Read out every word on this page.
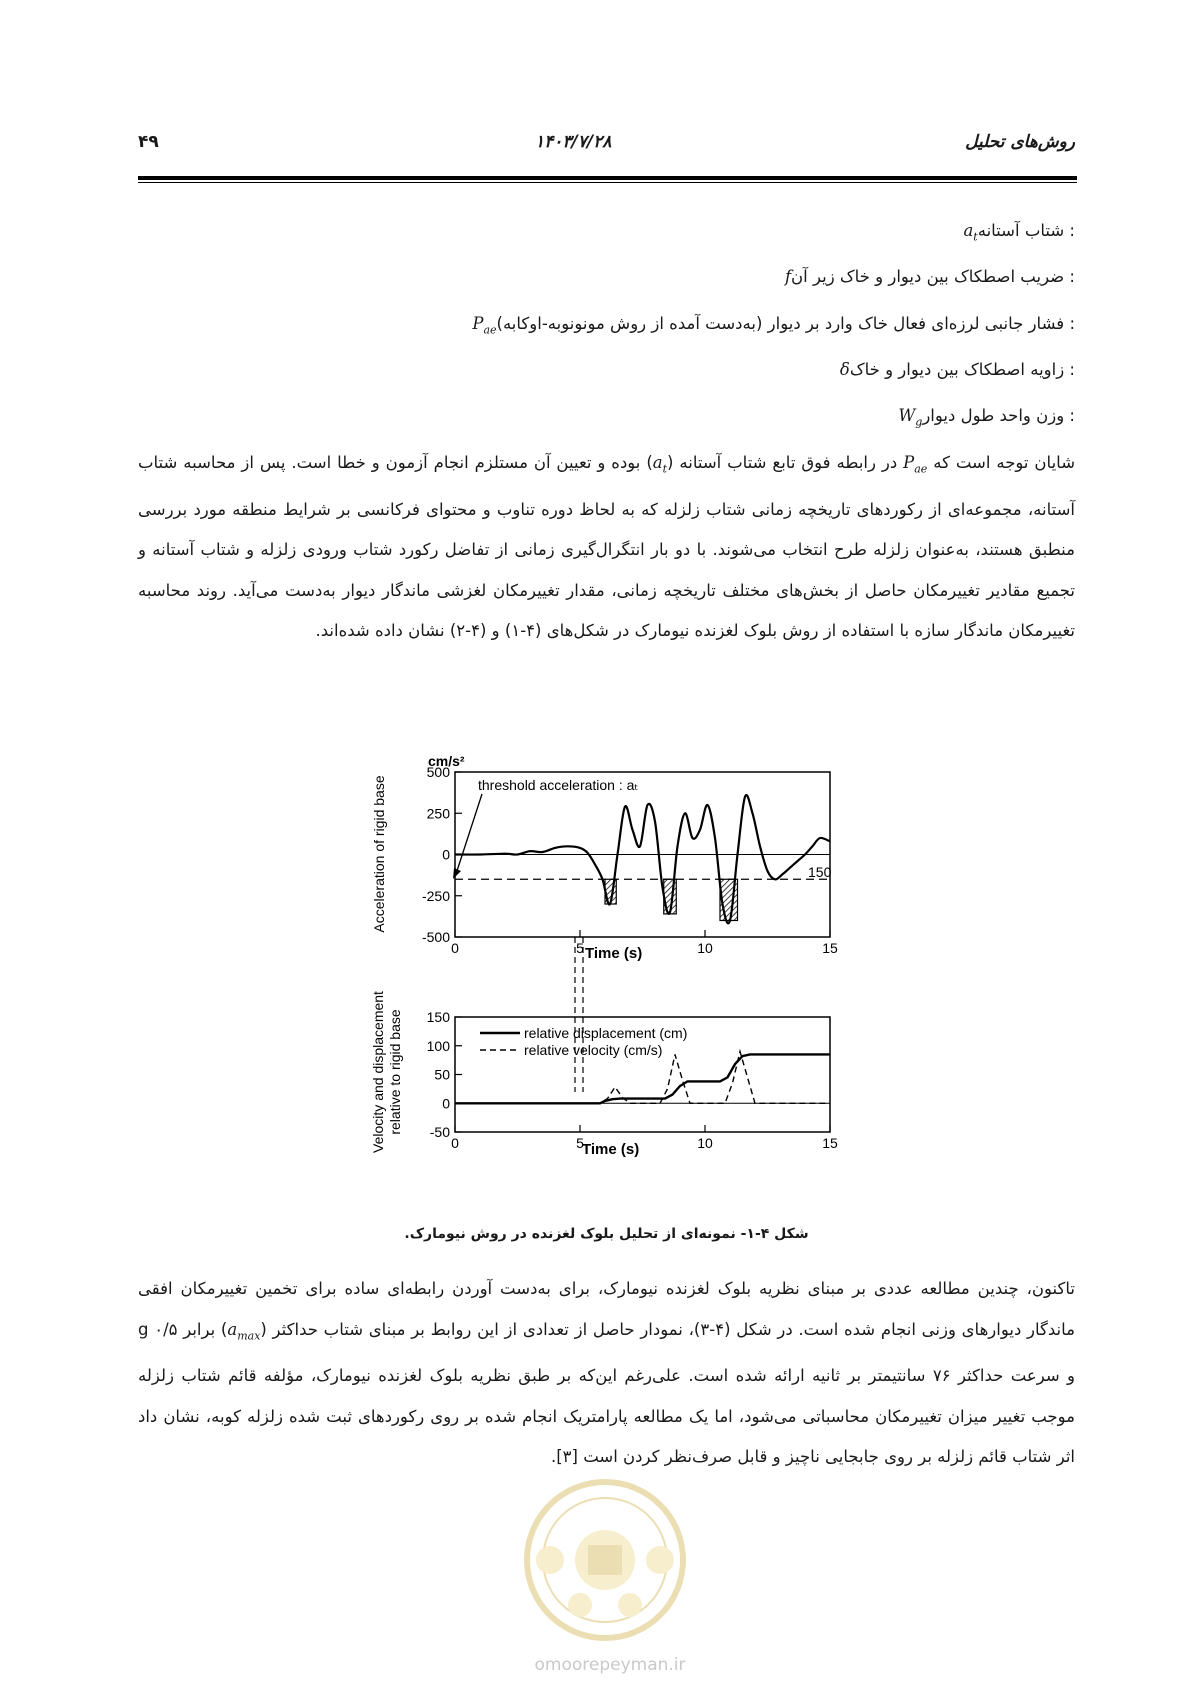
۴۹	۱۴۰۳/۷/۲۸	روش‌های تحلیل
: شتاب آستانهa$_t$
: ضریب اصطکاک بین دیوار و خاک زیر آنf
: فشار جانبی لرزه‌ای فعال خاک وارد بر دیوار (به‌دست آمده از روش مونونوبه-$اوکابه)P_{ae}$
: زاویه اصطکاک بین دیوار و خاکδ
: وزن واحد طول دیوارW$_g$
شایان توجه است که $P_{ae}$ در رابطه فوق تابع شتاب آستانه $(a_t)$ بوده و تعیین آن مستلزم انجام آزمون و خطا است. پس از محاسبه شتاب آستانه، مجموعه‌ای از رکوردهای تاریخچه زمانی شتاب زلزله که به لحاظ دوره تناوب و محتوای فرکانسی بر شرایط منطقه مورد بررسی منطبق هستند، به‌عنوان زلزله طرح انتخاب می‌شوند. با دو بار انتگرال‌گیری زمانی از تفاضل رکورد شتاب ورودی زلزله و شتاب آستانه و تجمیع مقادیر تغییرمکان حاصل از بخش‌های مختلف تاریخچه زمانی، مقدار تغییرمکان لغزشی ماندگار دیوار به‌دست می‌آید. روند محاسبه تغییرمکان ماندگار سازه با استفاده از روش بلوک لغزنده نیومارک در شکل‌های (۴-۱) و (۴-۲) نشان داده شده‌اند.
500
250
0
-250
-500
0	5	10	15
Acceleration of rigid base
cm/s²
Time (s)
threshold acceleration : aₜ
150
150
100
50
0
-50
0	5	10	15
Velocity and displacement relative to rigid base
Time (s)
relative displacement (cm)
relative velocity (cm/s)
شکل ۴-۱- نمونه‌ای از تحلیل بلوک لغزنده در روش نیومارک.
تاکنون، چندین مطالعه عددی بر مبنای نظریه بلوک لغزنده نیومارک، برای به‌دست آوردن رابطه‌ای ساده برای تخمین تغییرمکان افقی ماندگار دیوارهای وزنی انجام شده است. در شکل (۴-۳)، نمودار حاصل از تعدادی از این روابط بر مبنای شتاب حداکثر $(a_{max})$ برابر ۰/۵ g و سرعت حداکثر ۷۶ سانتیمتر بر ثانیه ارائه شده است. علی‌رغم این‌که بر طبق نظریه بلوک لغزنده نیومارک، مؤلفه قائم شتاب زلزله موجب تغییر میزان تغییرمکان محاسباتی می‌شود، اما یک مطالعه پارامتریک انجام شده بر روی رکوردهای ثبت شده زلزله کوبه، نشان داد اثر شتاب قائم زلزله بر روی جابجایی ناچیز و قابل صرف‌نظر کردن است [۳].
omoorepeyman.ir
